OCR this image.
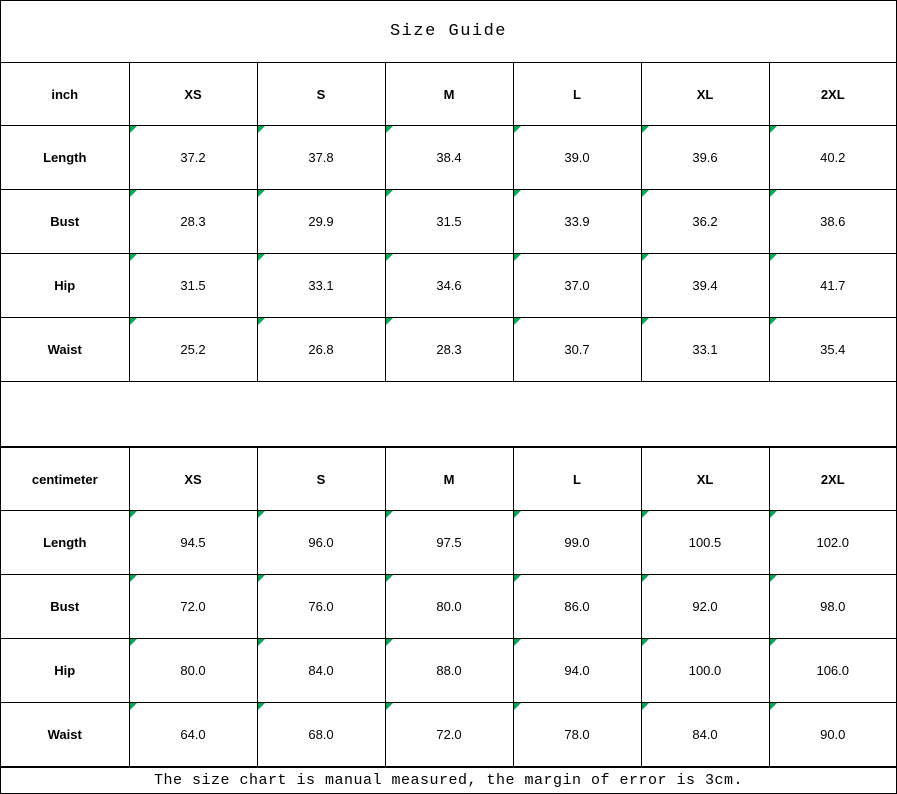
Size Guide
inch	XS	S	M	L	XL	2XL
Length	37.2	37.8	38.4	39.0	39.6	40.2
Bust	28.3	29.9	31.5	33.9	36.2	38.6
Hip	31.5	33.1	34.6	37.0	39.4	41.7
Waist	25.2	26.8	28.3	30.7	33.1	35.4

centimeter	XS	S	M	L	XL	2XL
Length	94.5	96.0	97.5	99.0	100.5	102.0
Bust	72.0	76.0	80.0	86.0	92.0	98.0
Hip	80.0	84.0	88.0	94.0	100.0	106.0
Waist	64.0	68.0	72.0	78.0	84.0	90.0
The size chart is manual measured, the margin of error is 3cm.
